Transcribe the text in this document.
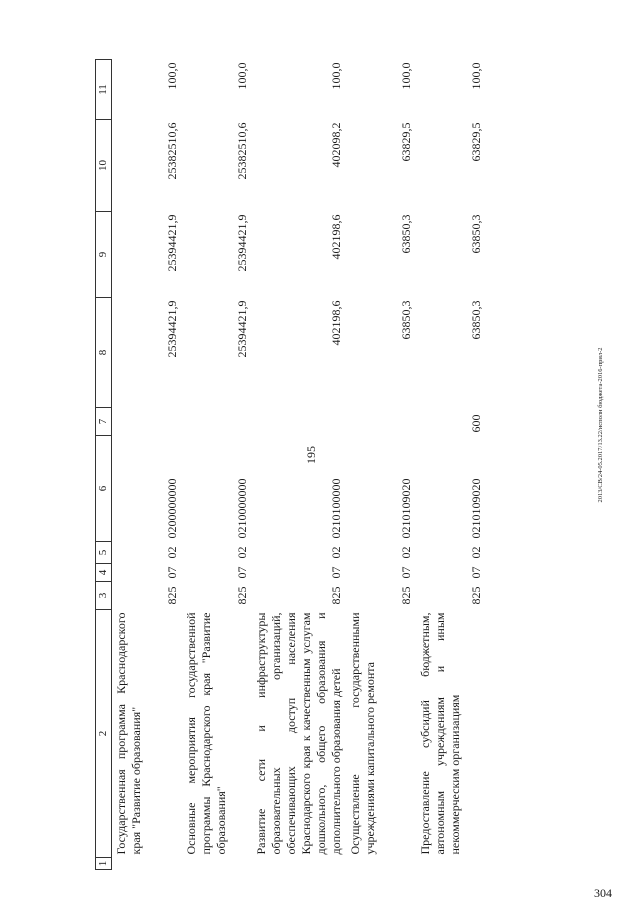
195
1	2	3	4	5	6	7	8	9	10	11
	Государственная программа Краснодарского края "Развитие образования"	825	07	02	0200000000		25394421,9	25394421,9	25382510,6	100,0
	Основные мероприятия государственной программы Краснодарского края "Развитие образования"	825	07	02	0210000000		25394421,9	25394421,9	25382510,6	100,0
	Развитие сети и инфраструктуры образовательных организаций, обеспечивающих доступ населения Краснодарского края к качественным услугам дошкольного, общего образования и дополнительного образования детей	825	07	02	0210100000		402198,6	402198,6	402098,2	100,0
	Осуществление государственными учреждениями капитального ремонта	825	07	02	0210109020		63850,3	63850,3	63829,5	100,0
	Предоставление субсидий бюджетным, автономным учреждениям и иным некоммерческим организациям	825	07	02	0210109020	600	63850,3	63850,3	63829,5	100,0
2013/СВ/24-05.2017/13.22/исполн бюджета-2016-прил-2
304
